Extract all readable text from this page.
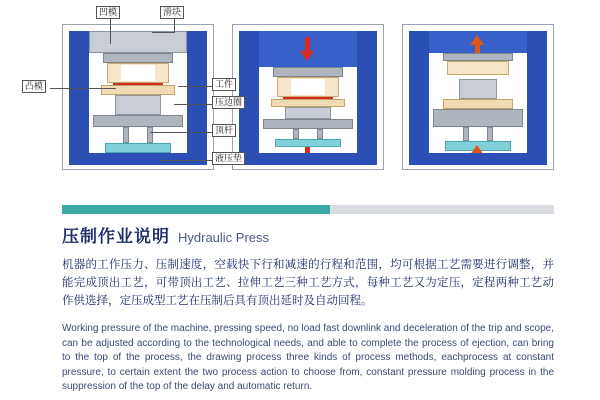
凹模	滑块
凸模	工件
压边圈
顶杆
液压垫
压制作业说明 Hydraulic Press
机器的工作压力、压制速度，空载快下行和减速的行程和范围，均可根据工艺需要进行调整，并能完成顶出工艺，可带顶出工艺、拉伸工艺三种工艺方式，每种工艺又为定压，定程两种工艺动作供选择，定压成型工艺在压制后具有顶出延时及自动回程。
Working pressure of the machine, pressing speed, no load fast downlink and deceleration of the trip and scope, can be adjusted according to the technological needs, and able to complete the process of ejection, can bring to the top of the process, the drawing process three kinds of process methods, eachprocess at constant pressure, to certain extent the two process action to choose from, constant pressure molding process in the suppression of the top of the delay and automatic return.
